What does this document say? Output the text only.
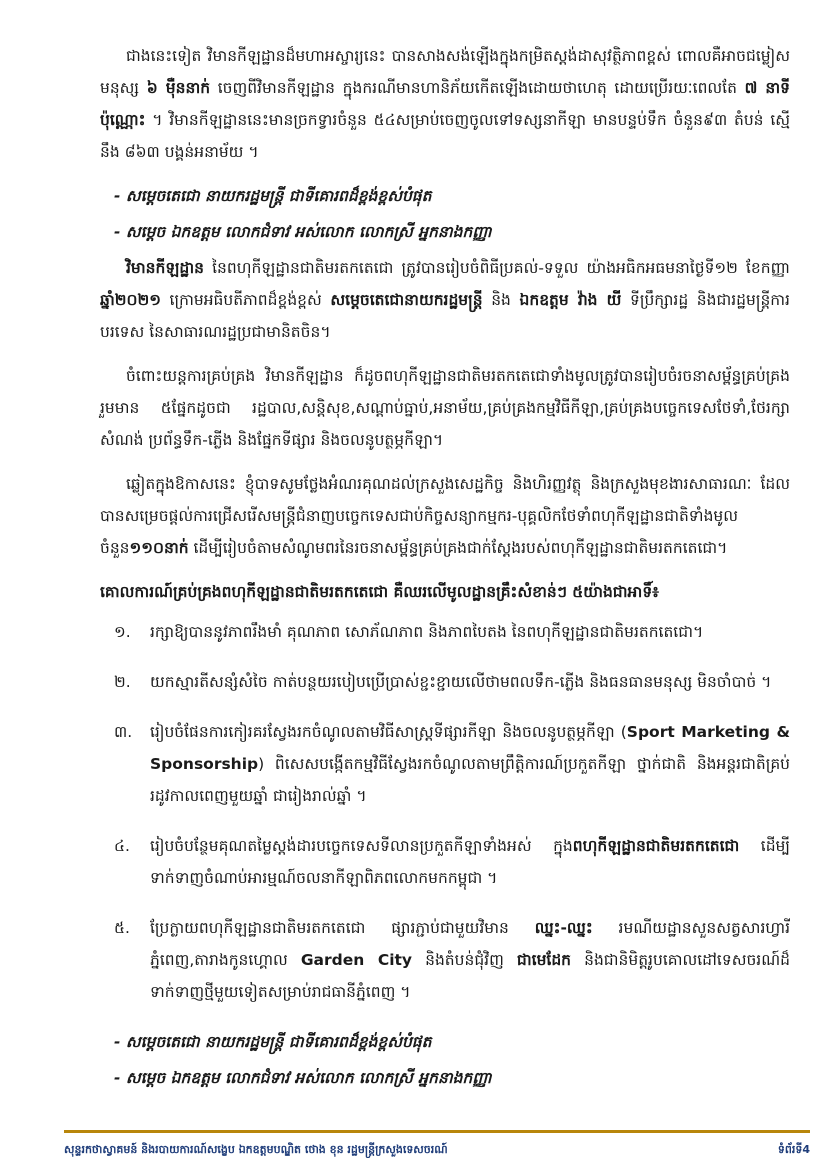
ជាងនេះទៀត វិមានកីឡដ្ឋានដ៏មហាអស្ចារ្យនេះ បានសាងសង់ឡើងក្នុងកម្រិតស្តង់ដាសុវត្ថិភាពខ្ពស់ ពោលគឺអាចជម្លៀសមនុស្ស ៦ ម៉ឺននាក់ ចេញពីវិមានកីឡដ្ឋាន ក្នុងករណីមានហានិភ័យកើតឡើងដោយថាហេតុ ដោយប្រើរយៈពេលតែ ៧ នាទីប៉ុណ្ណោះ ។ វិមានកីឡដ្ឋាននេះមានច្រកទ្វារចំនួន ៥៤សម្រាប់ចេញចូលទៅទស្សនាកីឡា មានបន្ទប់ទឹក ចំនួន៩៣ តំបន់ ស្មើនឹង ៨៦៣ បង្គន់អនាម័យ ។

- សម្តេចតេជោ នាយករដ្ឋមន្ត្រី ជាទីគោរពដ៏ខ្ពង់ខ្ពស់បំផុត
- សម្តេច ឯកឧត្តម លោកជំទាវ អស់លោក លោកស្រី អ្នកនាងកញ្ញា

វិមានកីឡដ្ឋាន នៃពហុកីឡដ្ឋានជាតិមរតកតេជោ ត្រូវបានរៀបចំពិធីប្រគល់-ទទួល យ៉ាងអធិកអធមនាថ្ងៃទី១២ ខែកញ្ញា ឆ្នាំ២០២១ ក្រោមអធិបតីភាពដ៏ខ្ពង់ខ្ពស់ សម្តេចតេជោនាយករដ្ឋមន្ត្រី និង ឯកឧត្តម វ៉ាង យី ទីប្រឹក្សារដ្ឋ និងជារដ្ឋមន្ត្រីការបរទេស នៃសាធារណរដ្ឋប្រជាមានិតចិន។

ចំពោះយន្តការគ្រប់គ្រង វិមានកីឡដ្ឋាន ក៏ដូចពហុកីឡដ្ឋានជាតិមរតកតេជោទាំងមូលត្រូវបានរៀបចំរចនាសម្ព័ន្ធគ្រប់គ្រងរួមមាន ៥ផ្នែកដូចជា រដ្ឋបាល,សន្តិសុខ,សណ្តាប់ធ្នាប់,អនាម័យ,គ្រប់គ្រងកម្មវិធីកីឡា,គ្រប់គ្រងបច្ចេកទេសថែទាំ,ថែរក្សាសំណង់ ប្រព័ន្ធទឹក-ភ្លើង និងផ្នែកទីផ្សារ និងចលនូបត្ថម្ភកីឡា។

ឆ្លៀតក្នុងឱកាសនេះ ខ្ញុំបាទសូមថ្លែងអំណរគុណដល់ក្រសួងសេដ្ឋកិច្ច និងហិរញ្ញវត្ថុ និងក្រសួងមុខងារសាធារណៈ ដែលបានសម្រេចផ្តល់ការជ្រើសរើសមន្ត្រីជំនាញបច្ចេកទេសជាប់កិច្ចសន្យាកម្មករ-បុគ្គលិកថែទាំពហុកីឡដ្ឋានជាតិទាំងមូល ចំនួន១១០នាក់ ដើម្បីរៀបចំតាមសំណូមពរនៃរចនាសម្ព័ន្ធគ្រប់គ្រងជាក់ស្តែងរបស់ពហុកីឡដ្ឋានជាតិមរតកតេជោ។

គោលការណ៍គ្រប់គ្រងពហុកីឡដ្ឋានជាតិមរតកតេជោ គឺឈរលើមូលដ្ឋានគ្រឹះសំខាន់ៗ ៥យ៉ាងជាអាទិ៍៖
១. រក្សាឱ្យបាននូវភាពរឹងមាំ គុណភាព សោភ័ណភាព និងភាពបៃតង នៃពហុកីឡដ្ឋានជាតិមរតកតេជោ។
២. យកស្មារតីសន្សំសំចៃ កាត់បន្ថយរបៀបប្រើប្រាស់ខ្ជះខ្ជាយលើថាមពលទឹក-ភ្លើង និងធនធានមនុស្ស មិនចាំបាច់ ។
៣. រៀបចំផែនការកៀរគរស្វែងរកចំណូលតាមវិធីសាស្ត្រទីផ្សារកីឡា និងចលនូបត្ថម្ភកីឡា (Sport Marketing & Sponsorship) ពិសេសបង្កើតកម្មវិធីស្វែងរកចំណូលតាមព្រឹត្តិការណ៍ប្រកួតកីឡា ថ្នាក់ជាតិ និងអន្តរជាតិគ្រប់រដូវកាលពេញមួយឆ្នាំ ជារៀងរាល់ឆ្នាំ ។
៤. រៀបចំបន្ថែមគុណតម្លៃស្តង់ដារបច្ចេកទេសទីលានប្រកួតកីឡាទាំងអស់ ក្នុងពហុកីឡដ្ឋានជាតិមរតកតេជោ ដើម្បីទាក់ទាញចំណាប់អារម្មណ៍ចលនាកីឡាពិភពលោកមកកម្ពុជា ។
៥. ប្រែក្លាយពហុកីឡដ្ឋានជាតិមរតកតេជោ ផ្សារភ្ជាប់ជាមួយវិមាន ឈ្នះ-ឈ្នះ រមណីយដ្ឋានសួនសត្វសារហ្វារីភ្នំពេញ,តារាងកូនហ្គោល Garden City និងតំបន់ជុំវិញ ជាមេដែក និងជានិមិត្តរូបគោលដៅទេសចរណ៍ដ៏ទាក់ទាញថ្មីមួយទៀតសម្រាប់រាជធានីភ្នំពេញ ។
- សម្តេចតេជោ នាយករដ្ឋមន្ត្រី ជាទីគោរពដ៏ខ្ពង់ខ្ពស់បំផុត
- សម្តេច ឯកឧត្តម លោកជំទាវ អស់លោក លោកស្រី អ្នកនាងកញ្ញា
សុន្ទរកថាស្វាគមន៍ និងរបាយការណ៍សង្ខេប ឯកឧត្តមបណ្ឌិត ថោង ខុន រដ្ឋមន្ត្រីក្រសួងទេសចរណ៍	ទំព័រទី4
